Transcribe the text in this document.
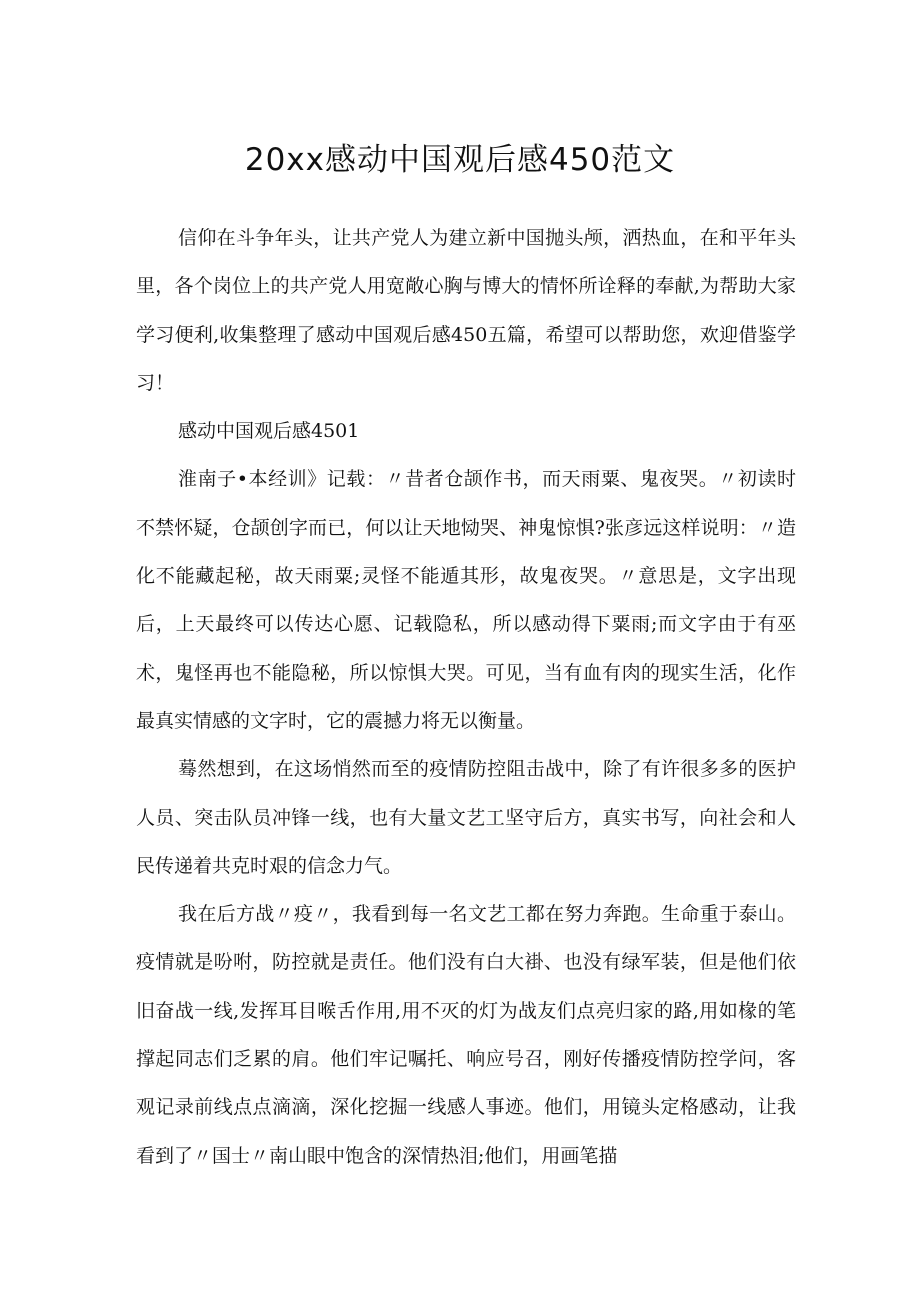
20xx感动中国观后感450范文

信仰在斗争年头，让共产党人为建立新中国抛头颅，洒热血，在和平年头里，各个岗位上的共产党人用宽敞心胸与博大的情怀所诠释的奉献,为帮助大家学习便利,收集整理了感动中国观后感450五篇，希望可以帮助您，欢迎借鉴学习！

感动中国观后感4501

淮南子•本经训》记载：〃昔者仓颉作书，而天雨粟、鬼夜哭。〃初读时不禁怀疑，仓颉创字而已，何以让天地恸哭、神鬼惊惧?张彦远这样说明：〃造化不能藏起秘，故天雨粟;灵怪不能遁其形，故鬼夜哭。〃意思是，文字出现后，上天最终可以传达心愿、记载隐私，所以感动得下粟雨;而文字由于有巫术，鬼怪再也不能隐秘，所以惊惧大哭。可见，当有血有肉的现实生活，化作最真实情感的文字时，它的震撼力将无以衡量。

蓦然想到，在这场悄然而至的疫情防控阻击战中，除了有许很多多的医护人员、突击队员冲锋一线，也有大量文艺工坚守后方，真实书写，向社会和人民传递着共克时艰的信念力气。

我在后方战〃疫〃，我看到每一名文艺工都在努力奔跑。生命重于泰山。疫情就是吩咐，防控就是责任。他们没有白大褂、也没有绿军装，但是他们依旧奋战一线,发挥耳目喉舌作用,用不灭的灯为战友们点亮归家的路,用如椽的笔撑起同志们乏累的肩。他们牢记嘱托、响应号召，刚好传播疫情防控学问，客观记录前线点点滴滴，深化挖掘一线感人事迹。他们，用镜头定格感动，让我看到了〃国士〃南山眼中饱含的深情热泪;他们，用画笔描
